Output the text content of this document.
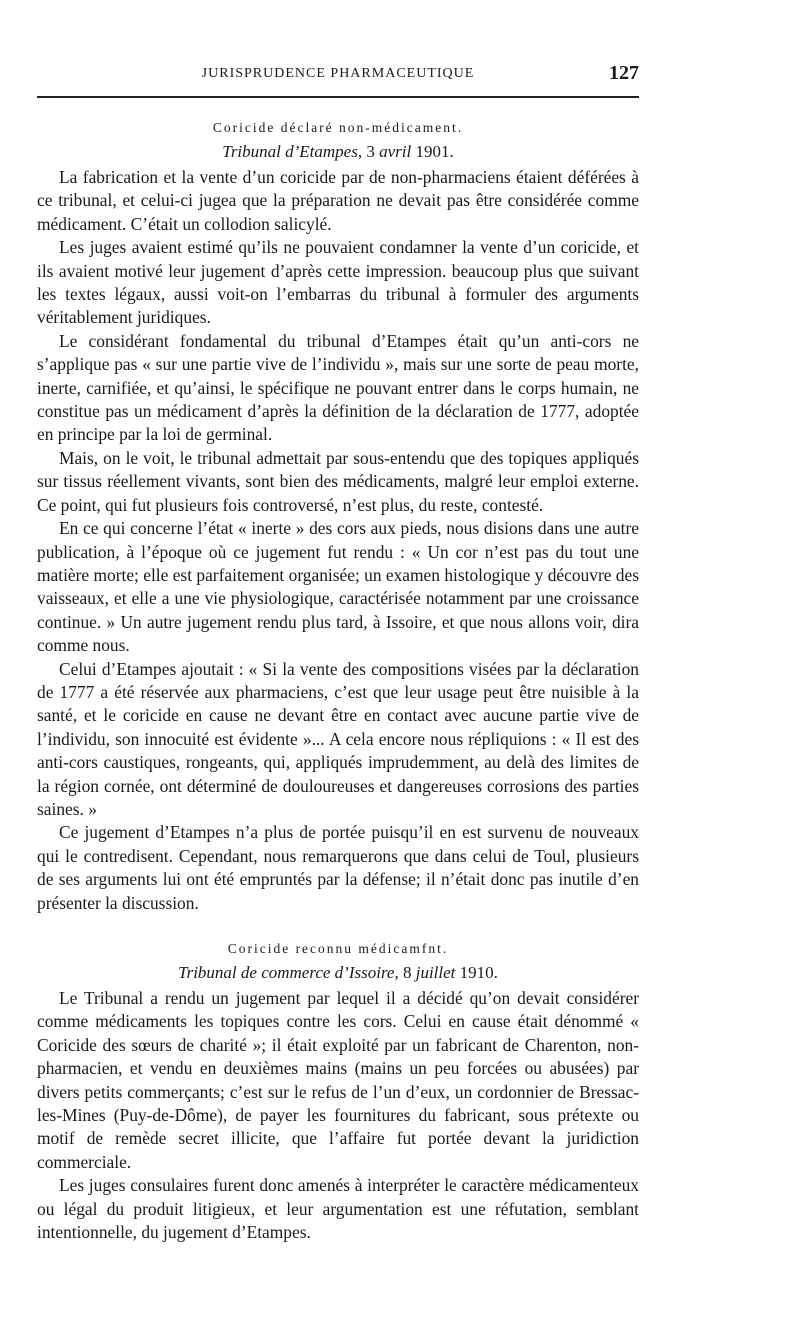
JURISPRUDENCE PHARMACEUTIQUE	127
Coricide déclaré non-médicament.
Tribunal d’Etampes, 3 avril 1901.

La fabrication et la vente d’un coricide par de non-pharmaciens étaient déférées à ce tribunal, et celui-ci jugea que la préparation ne devait pas être considérée comme médicament. C’était un collodion salicylé.

Les juges avaient estimé qu’ils ne pouvaient condamner la vente d’un coricide, et ils avaient motivé leur jugement d’après cette impression. beaucoup plus que suivant les textes légaux, aussi voit-on l’embarras du tribunal à formuler des arguments véritablement juridiques.

Le considérant fondamental du tribunal d’Etampes était qu’un anti-cors ne s’applique pas « sur une partie vive de l’individu », mais sur une sorte de peau morte, inerte, carnifiée, et qu’ainsi, le spécifique ne pouvant entrer dans le corps humain, ne constitue pas un médicament d’après la définition de la déclaration de 1777, adoptée en principe par la loi de germinal.

Mais, on le voit, le tribunal admettait par sous-entendu que des topiques appliqués sur tissus réellement vivants, sont bien des médicaments, malgré leur emploi externe. Ce point, qui fut plusieurs fois controversé, n’est plus, du reste, contesté.

En ce qui concerne l’état « inerte » des cors aux pieds, nous disions dans une autre publication, à l’époque où ce jugement fut rendu : « Un cor n’est pas du tout une matière morte; elle est parfaitement organisée; un examen histologique y découvre des vaisseaux, et elle a une vie physiologique, caractérisée notamment par une croissance continue. » Un autre jugement rendu plus tard, à Issoire, et que nous allons voir, dira comme nous.

Celui d’Etampes ajoutait : « Si la vente des compositions visées par la déclaration de 1777 a été réservée aux pharmaciens, c’est que leur usage peut être nuisible à la santé, et le coricide en cause ne devant être en contact avec aucune partie vive de l’individu, son innocuité est évidente »... A cela encore nous répliquions : « Il est des anti-cors caustiques, rongeants, qui, appliqués imprudemment, au delà des limites de la région cornée, ont déterminé de douloureuses et dangereuses corrosions des parties saines. »

Ce jugement d’Etampes n’a plus de portée puisqu’il en est survenu de nouveaux qui le contredisent. Cependant, nous remarquerons que dans celui de Toul, plusieurs de ses arguments lui ont été empruntés par la défense; il n’était donc pas inutile d’en présenter la discussion.

Coricide reconnu médicamfnt.
Tribunal de commerce d’Issoire, 8 juillet 1910.

Le Tribunal a rendu un jugement par lequel il a décidé qu’on devait considérer comme médicaments les topiques contre les cors. Celui en cause était dénommé « Coricide des sœurs de charité »; il était exploité par un fabricant de Charenton, non-pharmacien, et vendu en deuxièmes mains (mains un peu forcées ou abusées) par divers petits commerçants; c’est sur le refus de l’un d’eux, un cordonnier de Bressac-les-Mines (Puy-de-Dôme), de payer les fournitures du fabricant, sous prétexte ou motif de remède secret illicite, que l’affaire fut portée devant la juridiction commerciale.

Les juges consulaires furent donc amenés à interpréter le caractère médicamenteux ou légal du produit litigieux, et leur argumentation est une réfutation, semblant intentionnelle, du jugement d’Etampes.
